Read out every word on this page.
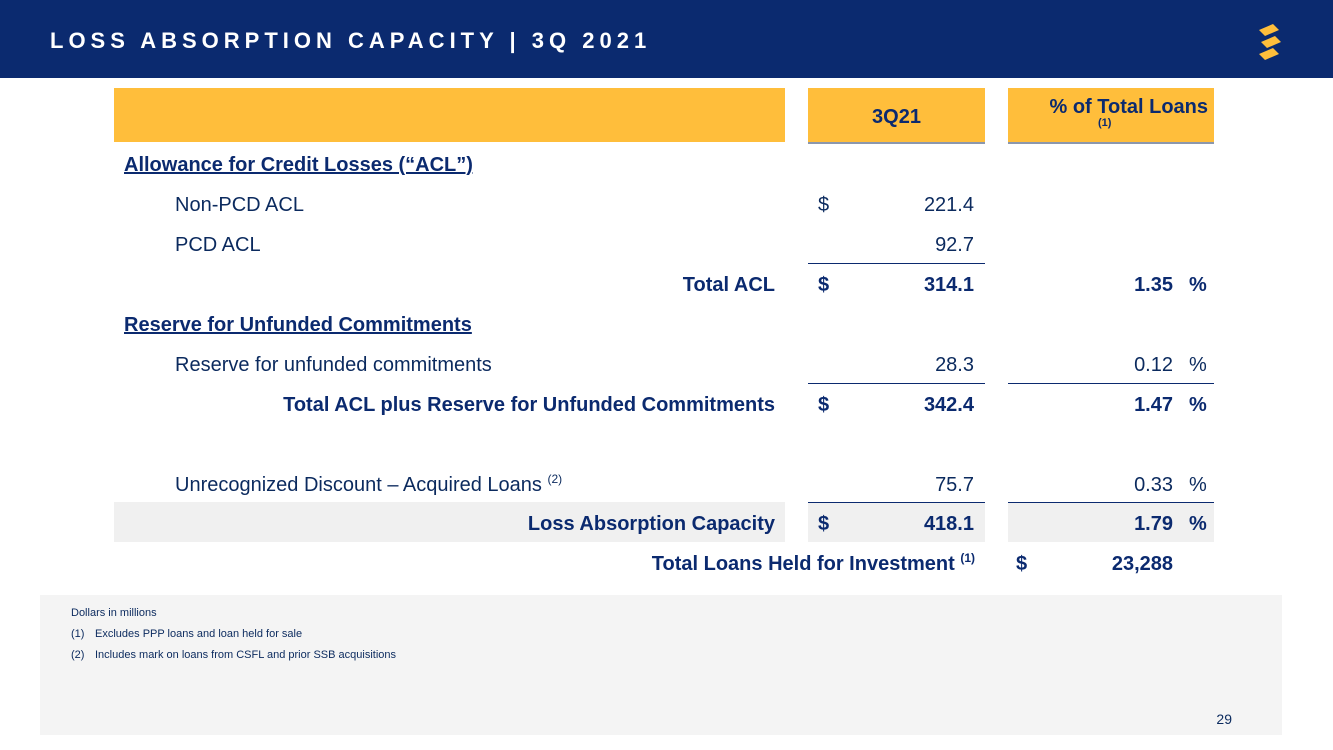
LOSS ABSORPTION CAPACITY | 3Q 2021
3Q21	% of Total Loans
(1)
Allowance for Credit Losses (“ACL”)
Non-PCD ACL	$	221.4
PCD ACL	92.7
Total ACL $	314.1	1.35 %
Reserve for Unfunded Commitments
Reserve for unfunded commitments	28.3	0.12 %
Total ACL plus Reserve for Unfunded Commitments $	342.4	1.47 %
Unrecognized Discount – Acquired Loans $^{(2)}$	75.7	0.33 %
Loss Absorption Capacity $	418.1	1.79 %
Total Loans Held for Investment $^{(1)}$ $	23,288
Dollars in millions
(1) Excludes PPP loans and loan held for sale
(2) Includes mark on loans from CSFL and prior SSB acquisitions
29
